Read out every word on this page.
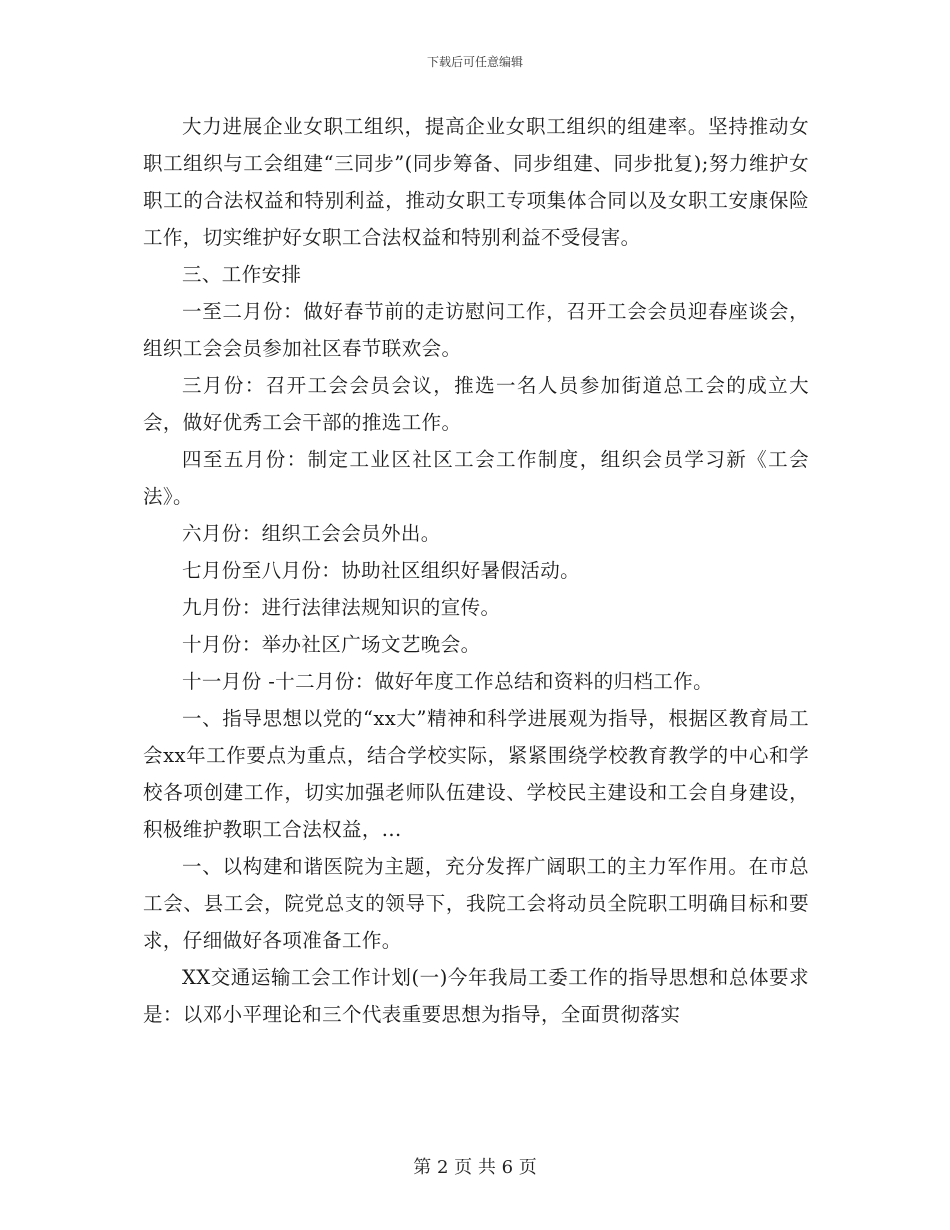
下载后可任意编辑

大力进展企业女职工组织，提高企业女职工组织的组建率。坚持推动女职工组织与工会组建“三同步”(同步筹备、同步组建、同步批复);努力维护女职工的合法权益和特别利益，推动女职工专项集体合同以及女职工安康保险工作，切实维护好女职工合法权益和特别利益不受侵害。

三、工作安排

一至二月份：做好春节前的走访慰问工作，召开工会会员迎春座谈会，组织工会会员参加社区春节联欢会。

三月份：召开工会会员会议，推选一名人员参加街道总工会的成立大会，做好优秀工会干部的推选工作。

四至五月份：制定工业区社区工会工作制度，组织会员学习新《工会法》。

六月份：组织工会会员外出。

七月份至八月份：协助社区组织好暑假活动。

九月份：进行法律法规知识的宣传。

十月份：举办社区广场文艺晚会。

十一月份 -十二月份：做好年度工作总结和资料的归档工作。

一、指导思想以党的“xx大”精神和科学进展观为指导，根据区教育局工会xx年工作要点为重点，结合学校实际，紧紧围绕学校教育教学的中心和学校各项创建工作，切实加强老师队伍建设、学校民主建设和工会自身建设，积极维护教职工合法权益，...

一、以构建和谐医院为主题，充分发挥广阔职工的主力军作用。在市总工会、县工会，院党总支的领导下，我院工会将动员全院职工明确目标和要求，仔细做好各项准备工作。

XX交通运输工会工作计划(一)今年我局工委工作的指导思想和总体要求是：以邓小平理论和三个代表重要思想为指导，全面贯彻落实

第 2 页 共 6 页
